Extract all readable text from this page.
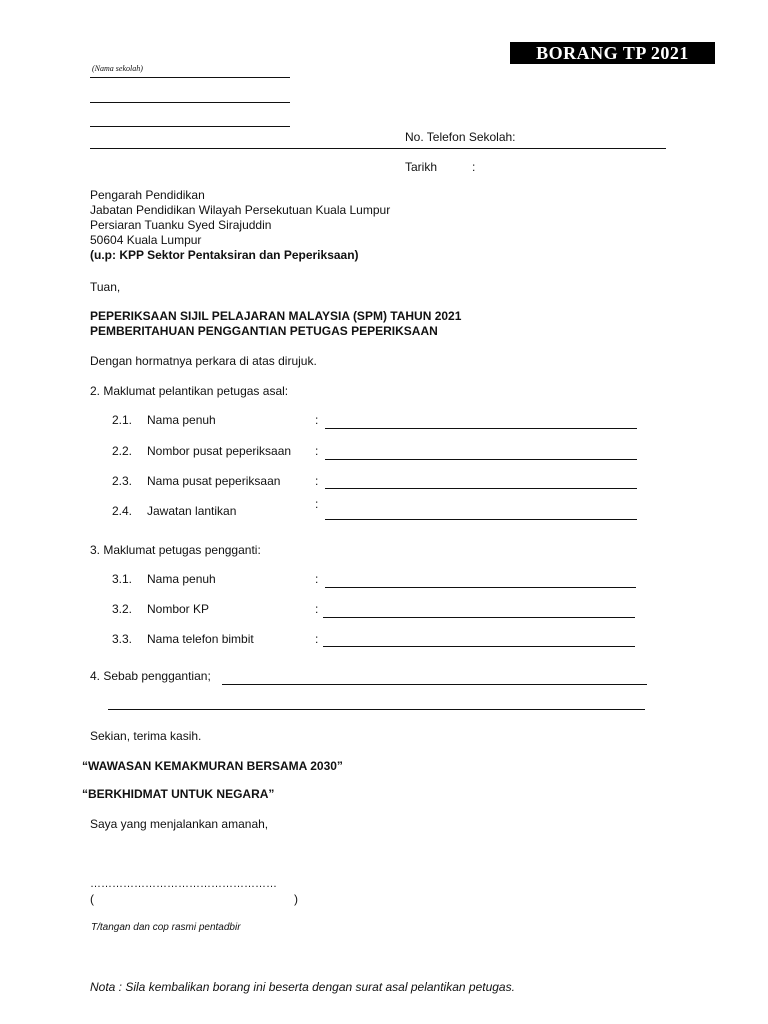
BORANG TP 2021
(Nama sekolah)
No. Telefon Sekolah:
Tarikh	:
Pengarah Pendidikan
Jabatan Pendidikan Wilayah Persekutuan Kuala Lumpur
Persiaran Tuanku Syed Sirajuddin
50604 Kuala Lumpur
(u.p: KPP Sektor Pentaksiran dan Peperiksaan)
Tuan,
PEPERIKSAAN SIJIL PELAJARAN MALAYSIA (SPM) TAHUN 2021
PEMBERITAHUAN PENGGANTIAN PETUGAS PEPERIKSAAN
Dengan hormatnya perkara di atas dirujuk.
2. Maklumat pelantikan petugas asal:
2.1.	Nama penuh	:
2.2.	Nombor pusat peperiksaan :
2.3.	Nama pusat peperiksaan	:
2.4.	Jawatan lantikan	:
3. Maklumat petugas pengganti:
3.1.	Nama penuh	:
3.2.	Nombor KP	:
3.3.	Nama telefon bimbit	:
4. Sebab penggantian;
Sekian, terima kasih.
“WAWASAN KEMAKMURAN BERSAMA 2030”
“BERKHIDMAT UNTUK NEGARA”
Saya yang menjalankan amanah,
……………………………………………
(	)
T/tangan dan cop rasmi pentadbir
Nota : Sila kembalikan borang ini beserta dengan surat asal pelantikan petugas.
